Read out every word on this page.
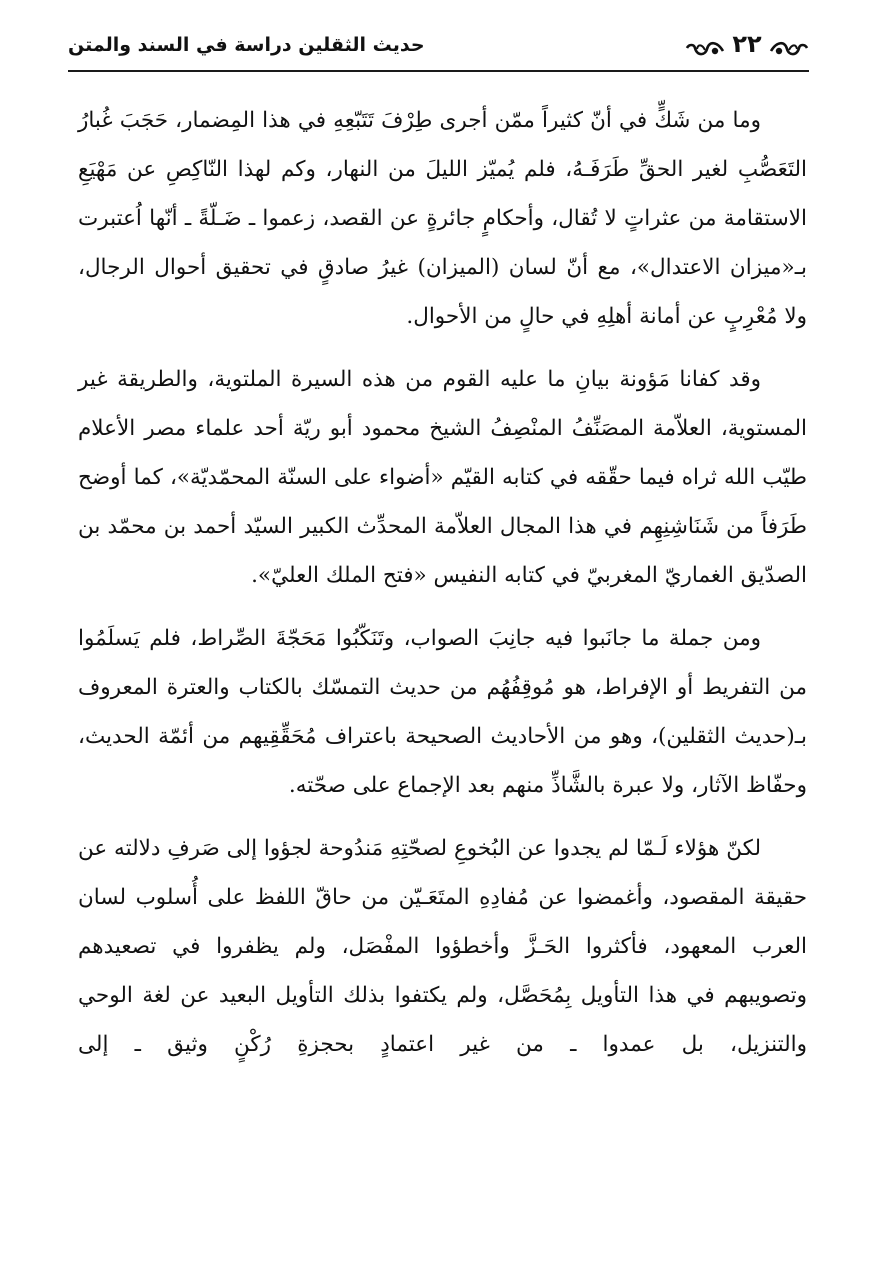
حديث الثقلين دراسة في السند والمتن	٢٢

وما من شَكٍّ في أنّ كثيراً ممّن أجرى طِرْفَ تَتَبّعِهِ في هذا المِضمار، حَجَبَ غُبارُ التَعَصُّبِ لغير الحقِّ طَرَفَـهُ، فلم يُميّز الليلَ من النهار، وكم لهذا النّاكِصِ عن مَهْيَعِ الاستقامة من عثراتٍ لا تُقال، وأحكامٍ جائرةٍ عن القصد، زعموا ـ ضَـلّةً ـ أنّها اُعتبرت بـ«ميزان الاعتدال»، مع أنّ لسان (الميزان) غيرُ صادقٍ في تحقيق أحوال الرجال، ولا مُعْرِبٍ عن أمانة أهلِهِ في حالٍ من الأحوال.

وقد كفانا مَؤونة بيانِ ما عليه القوم من هذه السيرة الملتوية، والطريقة غير المستوية، العلاّمة المصَنِّفُ المنْصِفُ الشيخ محمود أبو ريّة أحد علماء مصر الأعلام طيّب الله ثراه فيما حقّقه في كتابه القيّم «أضواء على السنّة المحمّديّة»، كما أوضح طَرَفاً من شَنَاشِنِهِم في هذا المجال العلاّمة المحدِّث الكبير السيّد أحمد بن محمّد بن الصدّيق الغماريّ المغربيّ في كتابه النفيس «فتح الملك العليّ».

ومن جملة ما جانَبوا فيه جانِبَ الصواب، وتَنَكّبُوا مَحَجّةَ الصِّراط، فلم يَسلَمُوا من التفريط أو الإفراط، هو مُوقِفُهُم من حديث التمسّك بالكتاب والعترة المعروف بـ(حديث الثقلين)، وهو من الأحاديث الصحيحة باعتراف مُحَقِّقِيهم من أئمّة الحديث، وحفّاظ الآثار، ولا عبرة بالشَّاذِّ منهم بعد الإجماع على صحّته.

لكنّ هؤلاء لَـمّا لم يجدوا عن البُخوعِ لصحّتِهِ مَندُوحة لجؤوا إلى صَرفِ دلالته عن حقيقة المقصود، وأغمضوا عن مُفادِهِ المتَعَـيّن من حاقّ اللفظ على أُسلوب لسان العرب المعهود، فأكثروا الحَـزَّ وأخطؤوا المفْصَل، ولم يظفروا في تصعيدهم وتصويبهم في هذا التأويل بِمُحَصَّل، ولم يكتفوا بذلك التأويل البعيد عن لغة الوحي والتنزيل، بل عمدوا ـ من غير اعتمادٍ بحجزةِ رُكْنٍ وثيق ـ إلى
